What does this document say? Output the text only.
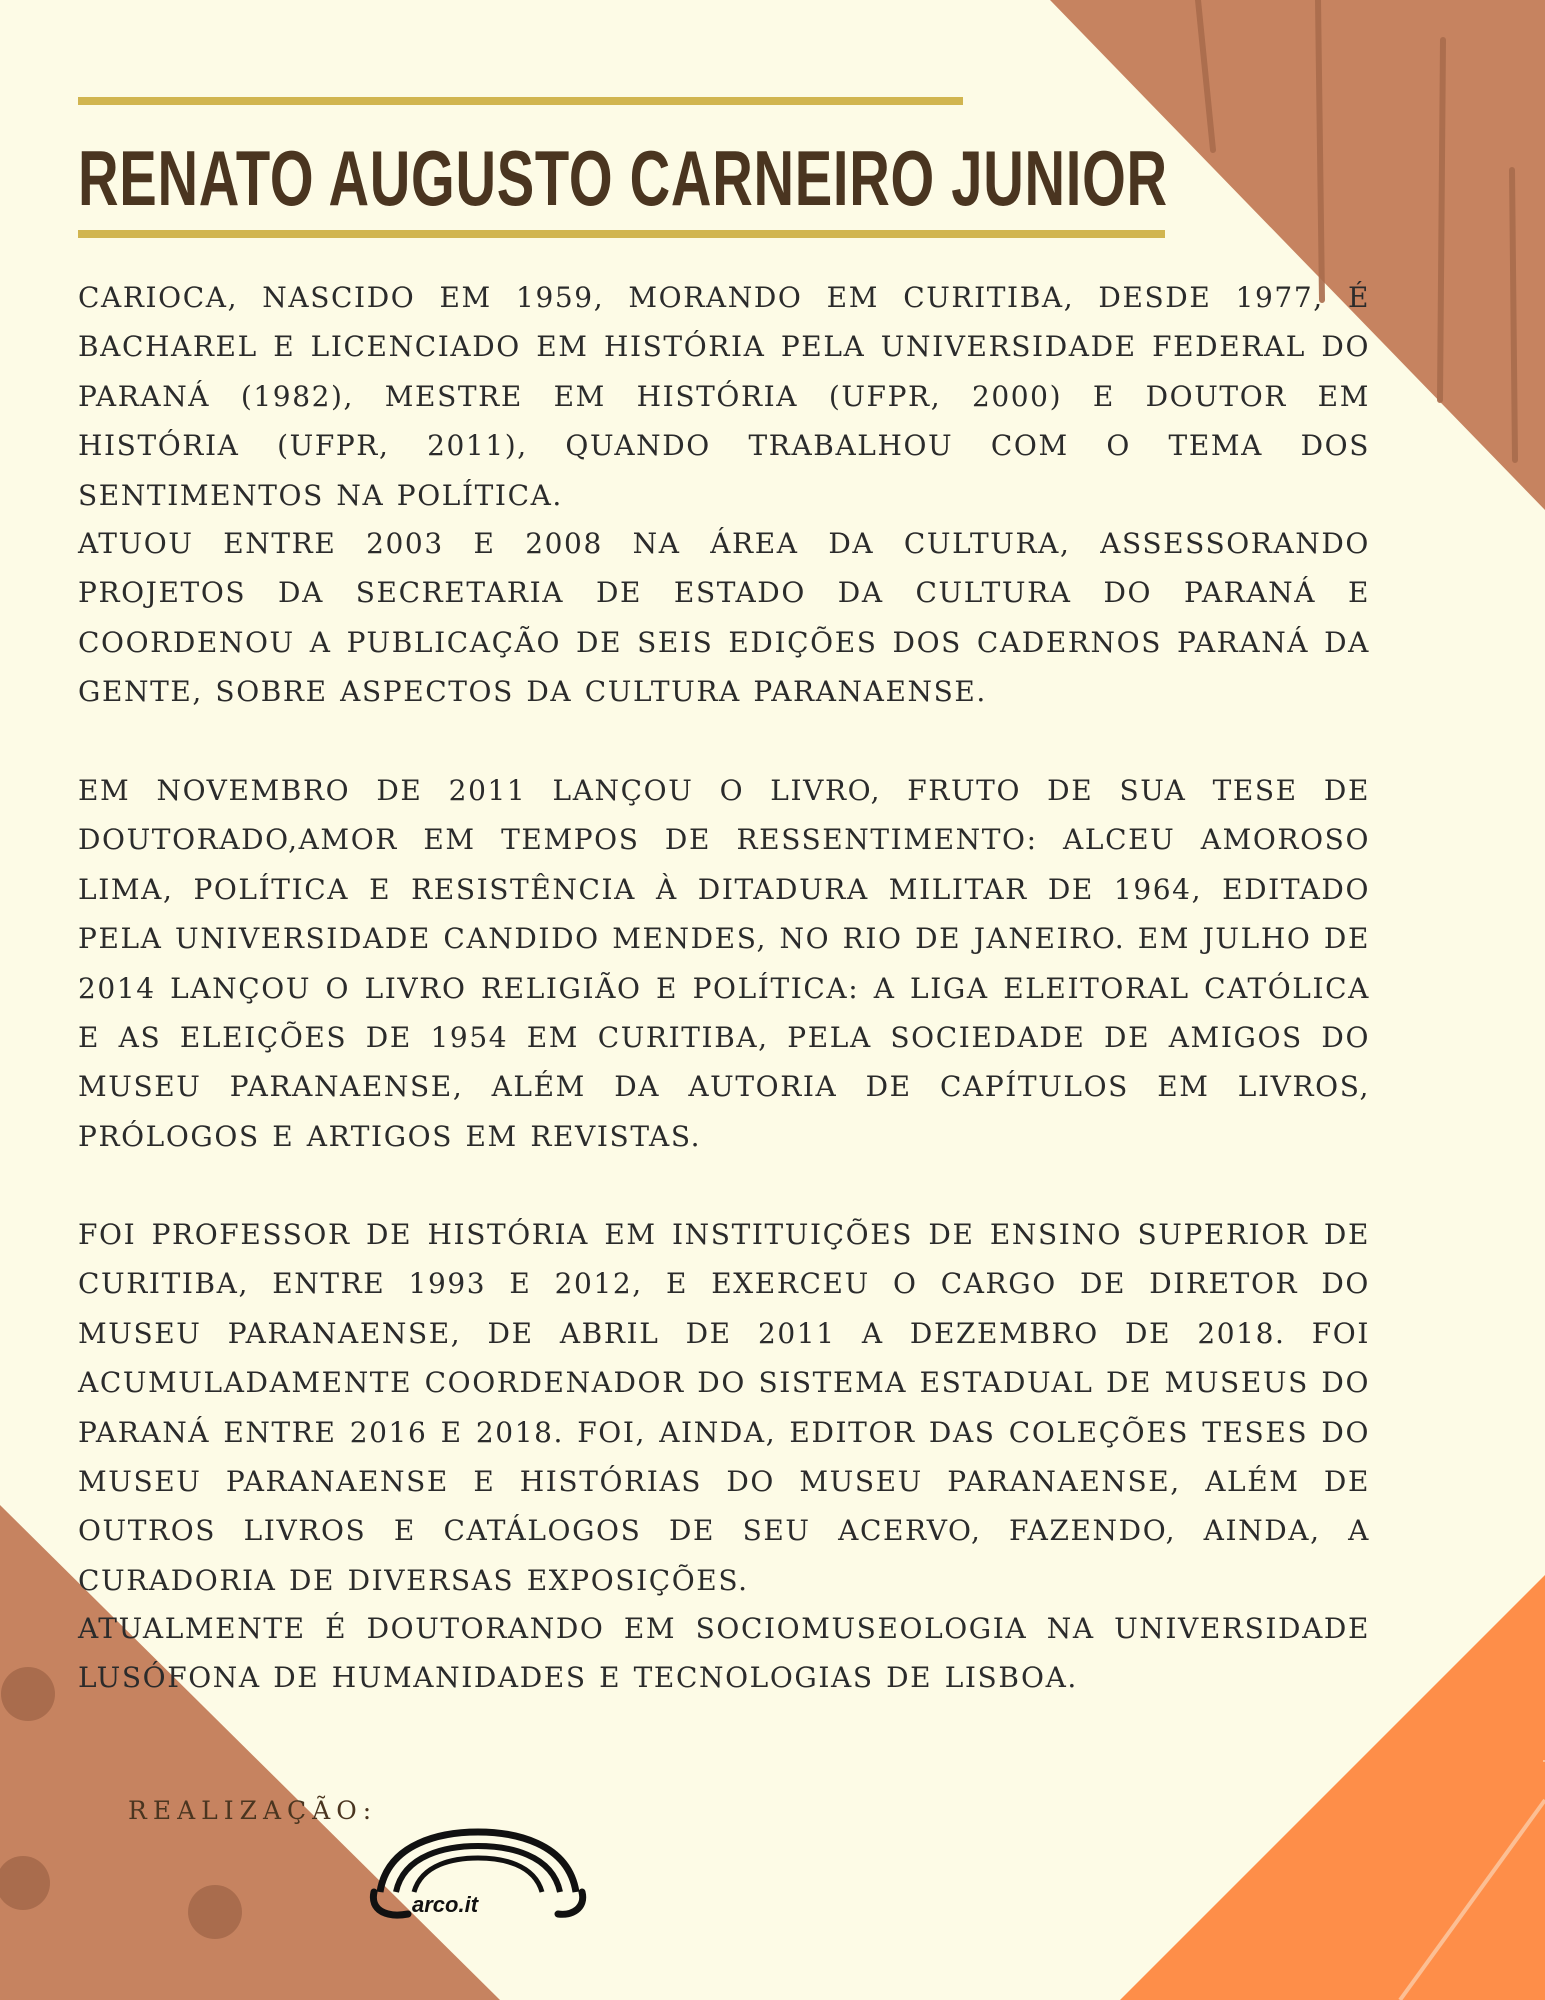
RENATO AUGUSTO CARNEIRO JUNIOR

CARIOCA, NASCIDO EM 1959, MORANDO EM CURITIBA, DESDE 1977, É BACHAREL E LICENCIADO EM HISTÓRIA PELA UNIVERSIDADE FEDERAL DO PARANÁ (1982), MESTRE EM HISTÓRIA (UFPR, 2000) E DOUTOR EM HISTÓRIA (UFPR, 2011), QUANDO TRABALHOU COM O TEMA DOS SENTIMENTOS NA POLÍTICA.

ATUOU ENTRE 2003 E 2008 NA ÁREA DA CULTURA, ASSESSORANDO PROJETOS DA SECRETARIA DE ESTADO DA CULTURA DO PARANÁ E COORDENOU A PUBLICAÇÃO DE SEIS EDIÇÕES DOS CADERNOS PARANÁ DA GENTE, SOBRE ASPECTOS DA CULTURA PARANAENSE.

EM NOVEMBRO DE 2011 LANÇOU O LIVRO, FRUTO DE SUA TESE DE DOUTORADO,AMOR EM TEMPOS DE RESSENTIMENTO: ALCEU AMOROSO LIMA, POLÍTICA E RESISTÊNCIA À DITADURA MILITAR DE 1964, EDITADO PELA UNIVERSIDADE CANDIDO MENDES, NO RIO DE JANEIRO. EM JULHO DE 2014 LANÇOU O LIVRO RELIGIÃO E POLÍTICA: A LIGA ELEITORAL CATÓLICA E AS ELEIÇÕES DE 1954 EM CURITIBA, PELA SOCIEDADE DE AMIGOS DO MUSEU PARANAENSE, ALÉM DA AUTORIA DE CAPÍTULOS EM LIVROS, PRÓLOGOS E ARTIGOS EM REVISTAS.

FOI PROFESSOR DE HISTÓRIA EM INSTITUIÇÕES DE ENSINO SUPERIOR DE CURITIBA, ENTRE 1993 E 2012, E EXERCEU O CARGO DE DIRETOR DO MUSEU PARANAENSE, DE ABRIL DE 2011 A DEZEMBRO DE 2018. FOI ACUMULADAMENTE COORDENADOR DO SISTEMA ESTADUAL DE MUSEUS DO PARANÁ ENTRE 2016 E 2018. FOI, AINDA, EDITOR DAS COLEÇÕES TESES DO MUSEU PARANAENSE E HISTÓRIAS DO MUSEU PARANAENSE, ALÉM DE OUTROS LIVROS E CATÁLOGOS DE SEU ACERVO, FAZENDO, AINDA, A CURADORIA DE DIVERSAS EXPOSIÇÕES.

ATUALMENTE É DOUTORANDO EM SOCIOMUSEOLOGIA NA UNIVERSIDADE LUSÓFONA DE HUMANIDADES E TECNOLOGIAS DE LISBOA.

REALIZAÇÃO:
arco.it
